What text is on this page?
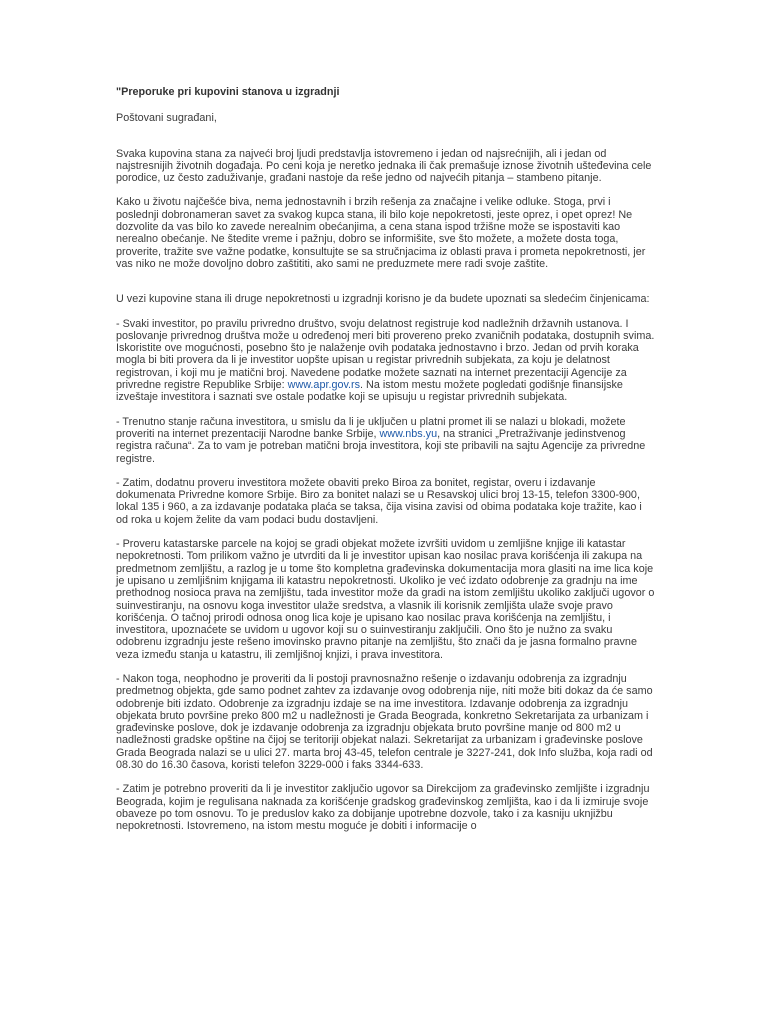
"Preporuke pri kupovini stanova u izgradnji

Poštovani sugrađani,

Svaka kupovina stana za najveći broj ljudi predstavlja istovremeno i jedan od najsrećnijih, ali i jedan od najstresnijih životnih događaja. Po ceni koja je neretko jednaka ili čak premašuje iznose životnih ušteđevina cele porodice, uz često zaduživanje, građani nastoje da reše jedno od najvećih pitanja – stambeno pitanje.

Kako u životu najčešće biva, nema jednostavnih i brzih rešenja za značajne i velike odluke. Stoga, prvi i poslednji dobronameran savet za svakog kupca stana, ili bilo koje nepokretosti, jeste oprez, i opet oprez! Ne dozvolite da vas bilo ko zavede nerealnim obećanjima, a cena stana ispod tržišne može se ispostaviti kao nerealno obećanje. Ne štedite vreme i pažnju, dobro se informišite, sve što možete, a možete dosta toga, proverite, tražite sve važne podatke, konsultujte se sa stručnjacima iz oblasti prava i prometa nepokretnosti, jer vas niko ne može dovoljno dobro zaštititi, ako sami ne preduzmete mere radi svoje zaštite.

U vezi kupovine stana ili druge nepokretnosti u izgradnji korisno je da budete upoznati sa sledećim činjenicama:

- Svaki investitor, po pravilu privredno društvo, svoju delatnost registruje kod nadležnih državnih ustanova. I poslovanje privrednog društva može u određenoj meri biti provereno preko zvaničnih podataka, dostupnih svima. Iskoristite ove mogućnosti, posebno što je nalaženje ovih podataka jednostavno i brzo. Jedan od prvih koraka mogla bi biti provera da li je investitor uopšte upisan u registar privrednih subjekata, za koju je delatnost registrovan, i koji mu je matični broj. Navedene podatke možete saznati na internet prezentaciji Agencije za privredne registre Republike Srbije: www.apr.gov.rs. Na istom mestu možete pogledati godišnje finansijske izveštaje investitora i saznati sve ostale podatke koji se upisuju u registar privrednih subjekata.

- Trenutno stanje računa investitora, u smislu da li je uključen u platni promet ili se nalazi u blokadi, možete proveriti na internet prezentaciji Narodne banke Srbije, www.nbs.yu, na stranici „Pretraživanje jedinstvenog registra računa“. Za to vam je potreban matični broja investitora, koji ste pribavili na sajtu Agencije za privredne registre.

- Zatim, dodatnu proveru investitora možete obaviti preko Biroa za bonitet, registar, overu i izdavanje dokumenata Privredne komore Srbije. Biro za bonitet nalazi se u Resavskoj ulici broj 13-15, telefon 3300-900, lokal 135 i 960, a za izdavanje podataka plaća se taksa, čija visina zavisi od obima podataka koje tražite, kao i od roka u kojem želite da vam podaci budu dostavljeni.

- Proveru katastarske parcele na kojoj se gradi objekat možete izvršiti uvidom u zemljišne knjige ili katastar nepokretnosti. Tom prilikom važno je utvrditi da li je investitor upisan kao nosilac prava korišćenja ili zakupa na predmetnom zemljištu, a razlog je u tome što kompletna građevinska dokumentacija mora glasiti na ime lica koje je upisano u zemljišnim knjigama ili katastru nepokretnosti. Ukoliko je već izdato odobrenje za gradnju na ime prethodnog nosioca prava na zemljištu, tada investitor može da gradi na istom zemljištu ukoliko zaključi ugovor o suinvestiranju, na osnovu koga investitor ulaže sredstva, a vlasnik ili korisnik zemljišta ulaže svoje pravo korišćenja. O tačnoj prirodi odnosa onog lica koje je upisano kao nosilac prava korišćenja na zemljištu, i investitora, upoznaćete se uvidom u ugovor koji su o suinvestiranju zaključili. Ono što je nužno za svaku odobrenu izgradnju jeste rešeno imovinsko pravno pitanje na zemljištu, što znači da je jasna formalno pravne veza između stanja u katastru, ili zemljišnoj knjizi, i prava investitora.

- Nakon toga, neophodno je proveriti da li postoji pravnosnažno rešenje o izdavanju odobrenja za izgradnju predmetnog objekta, gde samo podnet zahtev za izdavanje ovog odobrenja nije, niti može biti dokaz da će samo odobrenje biti izdato. Odobrenje za izgradnju izdaje se na ime investitora. Izdavanje odobrenja za izgradnju objekata bruto površine preko 800 m2 u nadležnosti je Grada Beograda, konkretno Sekretarijata za urbanizam i građevinske poslove, dok je izdavanje odobrenja za izgradnju objekata bruto površine manje od 800 m2 u nadležnosti gradske opštine na čijoj se teritoriji objekat nalazi. Sekretarijat za urbanizam i građevinske poslove Grada Beograda nalazi se u ulici 27. marta broj 43-45, telefon centrale je 3227-241, dok Info služba, koja radi od 08.30 do 16.30 časova, koristi telefon 3229-000 i faks 3344-633.

- Zatim je potrebno proveriti da li je investitor zaključio ugovor sa Direkcijom za građevinsko zemljište i izgradnju Beograda, kojim je regulisana naknada za korišćenje gradskog građevinskog zemljišta, kao i da li izmiruje svoje obaveze po tom osnovu. To je preduslov kako za dobijanje upotrebne dozvole, tako i za kasniju uknjižbu nepokretnosti. Istovremeno, na istom mestu moguće je dobiti i informacije o
